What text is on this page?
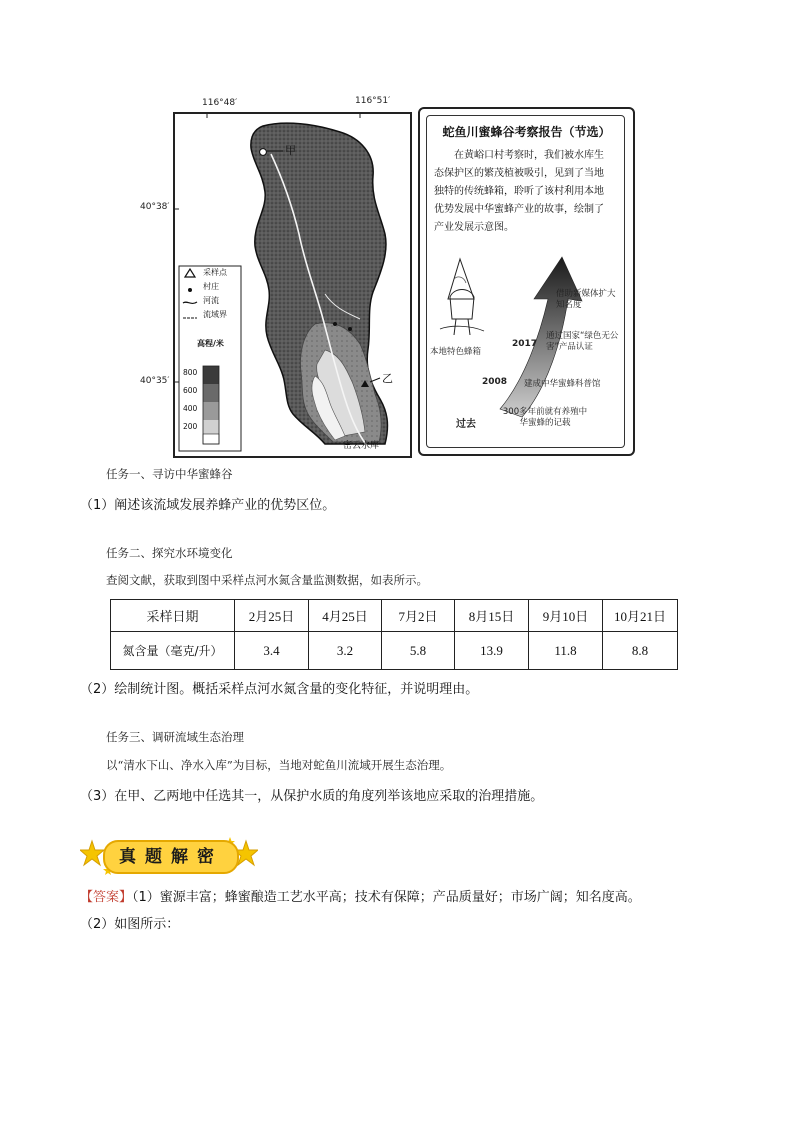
116°48′	116°51′
40°38′
40°35′
采样点
村庄
河流
流域界
高程/米
800
600
400
200
甲
乙
密云水库
蛇鱼川蜜蜂谷考察报告（节选）
在黄峪口村考察时，我们被水库生态保护区的繁茂植被吸引，见到了当地独特的传统蜂箱，聆听了该村利用本地优势发展中华蜜蜂产业的故事，绘制了产业发展示意图。
本地特色蜂箱
借助新媒体扩大知名度
2017
通过国家“绿色无公害”产品认证
2008 建成中华蜜蜂科普馆
过去
300多年前就有养殖中华蜜蜂的记载
任务一、寻访中华蜜蜂谷
（1）阐述该流域发展养蜂产业的优势区位。
任务二、探究水环境变化
查阅文献，获取到图中采样点河水氮含量监测数据，如表所示。
采样日期	2月25日	4月25日	7月2日	8月15日	9月10日	10月21日
氮含量（毫克/升）	3.4	3.2	5.8	13.9	11.8	8.8
（2）绘制统计图。概括采样点河水氮含量的变化特征，并说明理由。
任务三、调研流域生态治理
以“清水下山、净水入库”为目标，当地对蛇鱼川流域开展生态治理。
（3）在甲、乙两地中任选其一，从保护水质的角度列举该地应采取的治理措施。
真题解密
【答案】（1）蜜源丰富；蜂蜜酿造工艺水平高；技术有保障；产品质量好；市场广阔；知名度高。
（2）如图所示：
